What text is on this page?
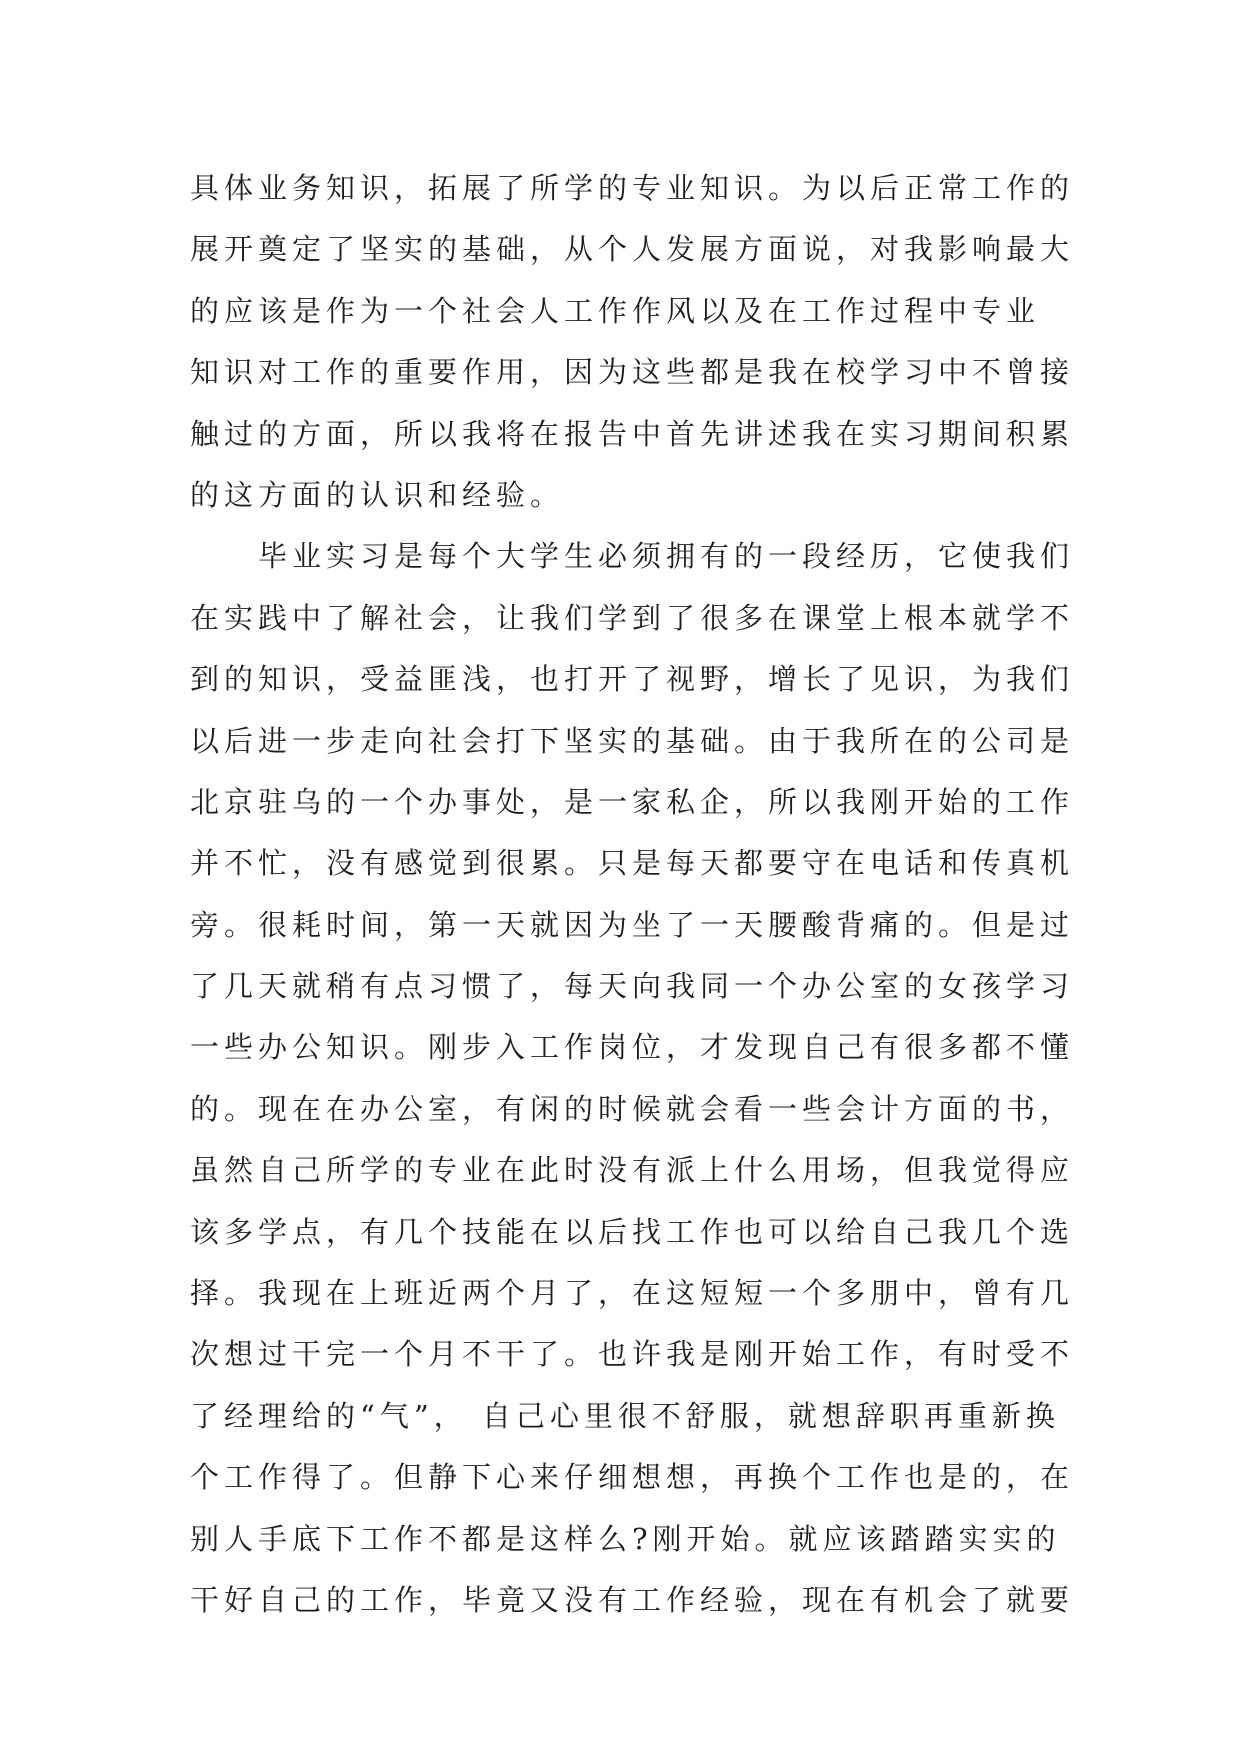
具体业务知识，拓展了所学的专业知识。为以后正常工作的
展开奠定了坚实的基础，从个人发展方面说，对我影响最大
的应该是作为一个社会人工作作风以及在工作过程中专业
知识对工作的重要作用，因为这些都是我在校学习中不曾接
触过的方面，所以我将在报告中首先讲述我在实习期间积累
的这方面的认识和经验。
毕业实习是每个大学生必须拥有的一段经历，它使我们
在实践中了解社会，让我们学到了很多在课堂上根本就学不
到的知识，受益匪浅，也打开了视野，增长了见识，为我们
以后进一步走向社会打下坚实的基础。由于我所在的公司是
北京驻乌的一个办事处，是一家私企，所以我刚开始的工作
并不忙，没有感觉到很累。只是每天都要守在电话和传真机
旁。很耗时间，第一天就因为坐了一天腰酸背痛的。但是过
了几天就稍有点习惯了，每天向我同一个办公室的女孩学习
一些办公知识。刚步入工作岗位，才发现自己有很多都不懂
的。现在在办公室，有闲的时候就会看一些会计方面的书，
虽然自己所学的专业在此时没有派上什么用场，但我觉得应
该多学点，有几个技能在以后找工作也可以给自己我几个选
择。我现在上班近两个月了，在这短短一个多朋中，曾有几
次想过干完一个月不干了。也许我是刚开始工作，有时受不
了经理给的“气”， 自己心里很不舒服，就想辞职再重新换
个工作得了。但静下心来仔细想想，再换个工作也是的，在
别人手底下工作不都是这样么?刚开始。就应该踏踏实实的
干好自己的工作，毕竟又没有工作经验，现在有机会了就要
